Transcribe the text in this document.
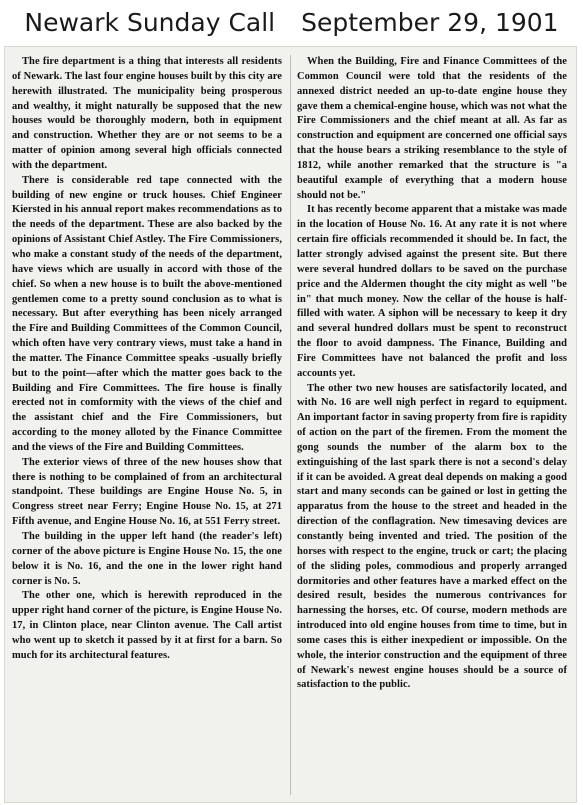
Newark Sunday Call September 29, 1901

The fire department is a thing that interests all residents of Newark. The last four engine houses built by this city are herewith illustrated. The municipality being prosperous and wealthy, it might naturally be supposed that the new houses would be thoroughly modern, both in equipment and construction. Whether they are or not seems to be a matter of opinion among several high officials connected with the department.

There is considerable red tape connected with the building of new engine or truck houses. Chief Engineer Kiersted in his annual report makes recommendations as to the needs of the department. These are also backed by the opinions of Assistant Chief Astley. The Fire Commissioners, who make a constant study of the needs of the department, have views which are usually in accord with those of the chief. So when a new house is to built the above-mentioned gentlemen come to a pretty sound conclusion as to what is necessary. But after everything has been nicely arranged the Fire and Building Committees of the Common Council, which often have very contrary views, must take a hand in the matter. The Finance Committee speaks -usually briefly but to the point—after which the matter goes back to the Building and Fire Committees. The fire house is finally erected not in comformity with the views of the chief and the assistant chief and the Fire Commissioners, but according to the money alloted by the Finance Committee and the views of the Fire and Building Committees.

The exterior views of three of the new houses show that there is nothing to be complained of from an architectural standpoint. These buildings are Engine House No. 5, in Congress street near Ferry; Engine House No. 15, at 271 Fifth avenue, and Engine House No. 16, at 551 Ferry street.

The building in the upper left hand (the reader's left) corner of the above picture is Engine House No. 15, the one below it is No. 16, and the one in the lower right hand corner is No. 5.

The other one, which is herewith reproduced in the upper right hand corner of the picture, is Engine House No. 17, in Clinton place, near Clinton avenue. The Call artist who went up to sketch it passed by it at first for a barn. So much for its architectural features.

When the Building, Fire and Finance Committees of the Common Council were told that the residents of the annexed district needed an up-to-date engine house they gave them a chemical-engine house, which was not what the Fire Commissioners and the chief meant at all. As far as construction and equipment are concerned one official says that the house bears a striking resemblance to the style of 1812, while another remarked that the structure is "a beautiful example of everything that a modern house should not be."

It has recently become apparent that a mistake was made in the location of House No. 16. At any rate it is not where certain fire officials recommended it should be. In fact, the latter strongly advised against the present site. But there were several hundred dollars to be saved on the purchase price and the Aldermen thought the city might as well "be in" that much money. Now the cellar of the house is half-filled with water. A siphon will be necessary to keep it dry and several hundred dollars must be spent to reconstruct the floor to avoid dampness. The Finance, Building and Fire Committees have not balanced the profit and loss accounts yet.

The other two new houses are satisfactorily located, and with No. 16 are well nigh perfect in regard to equipment. An important factor in saving property from fire is rapidity of action on the part of the firemen. From the moment the gong sounds the number of the alarm box to the extinguishing of the last spark there is not a second's delay if it can be avoided. A great deal depends on making a good start and many seconds can be gained or lost in getting the apparatus from the house to the street and headed in the direction of the conflagration. New timesaving devices are constantly being invented and tried. The position of the horses with respect to the engine, truck or cart; the placing of the sliding poles, commodious and properly arranged dormitories and other features have a marked effect on the desired result, besides the numerous contrivances for harnessing the horses, etc. Of course, modern methods are introduced into old engine houses from time to time, but in some cases this is either inexpedient or impossible. On the whole, the interior construction and the equipment of three of Newark's newest engine houses should be a source of satisfaction to the public.
